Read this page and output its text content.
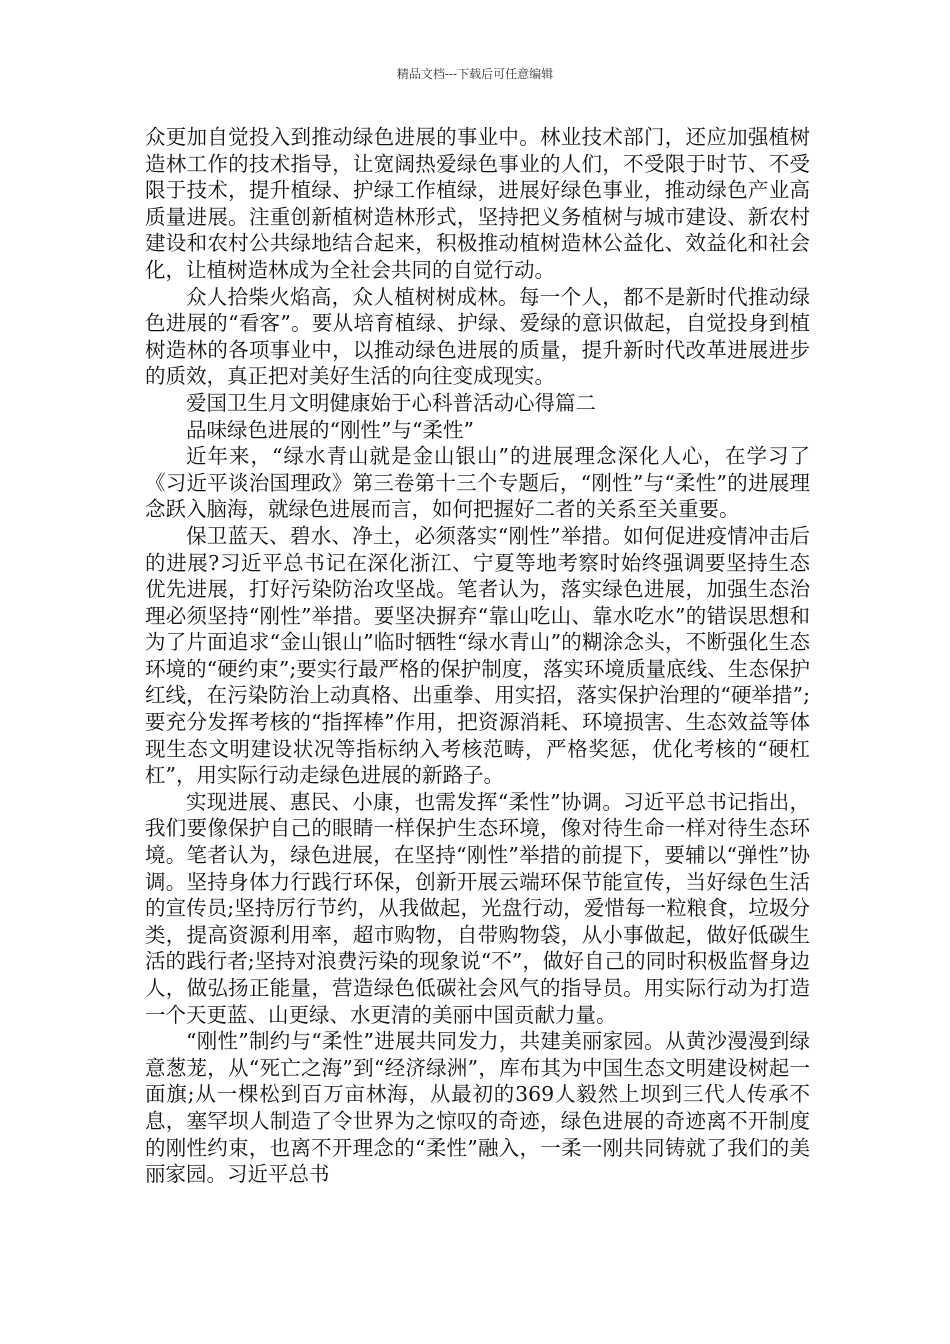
精品文档---下载后可任意编辑

众更加自觉投入到推动绿色进展的事业中。林业技术部门，还应加强植树造林工作的技术指导，让宽阔热爱绿色事业的人们，不受限于时节、不受限于技术，提升植绿、护绿工作植绿，进展好绿色事业，推动绿色产业高质量进展。注重创新植树造林形式，坚持把义务植树与城市建设、新农村建设和农村公共绿地结合起来，积极推动植树造林公益化、效益化和社会化，让植树造林成为全社会共同的自觉行动。

众人拾柴火焰高，众人植树树成林。每一个人，都不是新时代推动绿色进展的“看客”。要从培育植绿、护绿、爱绿的意识做起，自觉投身到植树造林的各项事业中，以推动绿色进展的质量，提升新时代改革进展进步的质效，真正把对美好生活的向往变成现实。

爱国卫生月文明健康始于心科普活动心得篇二

品味绿色进展的“刚性”与“柔性”

近年来，“绿水青山就是金山银山”的进展理念深化人心，在学习了《习近平谈治国理政》第三卷第十三个专题后，“刚性”与“柔性”的进展理念跃入脑海，就绿色进展而言，如何把握好二者的关系至关重要。

保卫蓝天、碧水、净土，必须落实“刚性”举措。如何促进疫情冲击后的进展?习近平总书记在深化浙江、宁夏等地考察时始终强调要坚持生态优先进展，打好污染防治攻坚战。笔者认为，落实绿色进展，加强生态治理必须坚持“刚性”举措。要坚决摒弃“靠山吃山、靠水吃水”的错误思想和为了片面追求“金山银山”临时牺牲“绿水青山”的糊涂念头，不断强化生态环境的“硬约束”;要实行最严格的保护制度，落实环境质量底线、生态保护红线，在污染防治上动真格、出重拳、用实招，落实保护治理的“硬举措”;要充分发挥考核的“指挥棒”作用，把资源消耗、环境损害、生态效益等体现生态文明建设状况等指标纳入考核范畴，严格奖惩，优化考核的“硬杠杠”，用实际行动走绿色进展的新路子。

实现进展、惠民、小康，也需发挥“柔性”协调。习近平总书记指出，我们要像保护自己的眼睛一样保护生态环境，像对待生命一样对待生态环境。笔者认为，绿色进展，在坚持“刚性”举措的前提下，要辅以“弹性”协调。坚持身体力行践行环保，创新开展云端环保节能宣传，当好绿色生活的宣传员;坚持厉行节约，从我做起，光盘行动，爱惜每一粒粮食，垃圾分类，提高资源利用率，超市购物，自带购物袋，从小事做起，做好低碳生活的践行者;坚持对浪费污染的现象说“不”，做好自己的同时积极监督身边人，做弘扬正能量，营造绿色低碳社会风气的指导员。用实际行动为打造一个天更蓝、山更绿、水更清的美丽中国贡献力量。

“刚性”制约与“柔性”进展共同发力，共建美丽家园。从黄沙漫漫到绿意葱茏，从“死亡之海”到“经济绿洲”，库布其为中国生态文明建设树起一面旗;从一棵松到百万亩林海，从最初的369人毅然上坝到三代人传承不息，塞罕坝人制造了令世界为之惊叹的奇迹，绿色进展的奇迹离不开制度的刚性约束，也离不开理念的“柔性”融入，一柔一刚共同铸就了我们的美丽家园。习近平总书
